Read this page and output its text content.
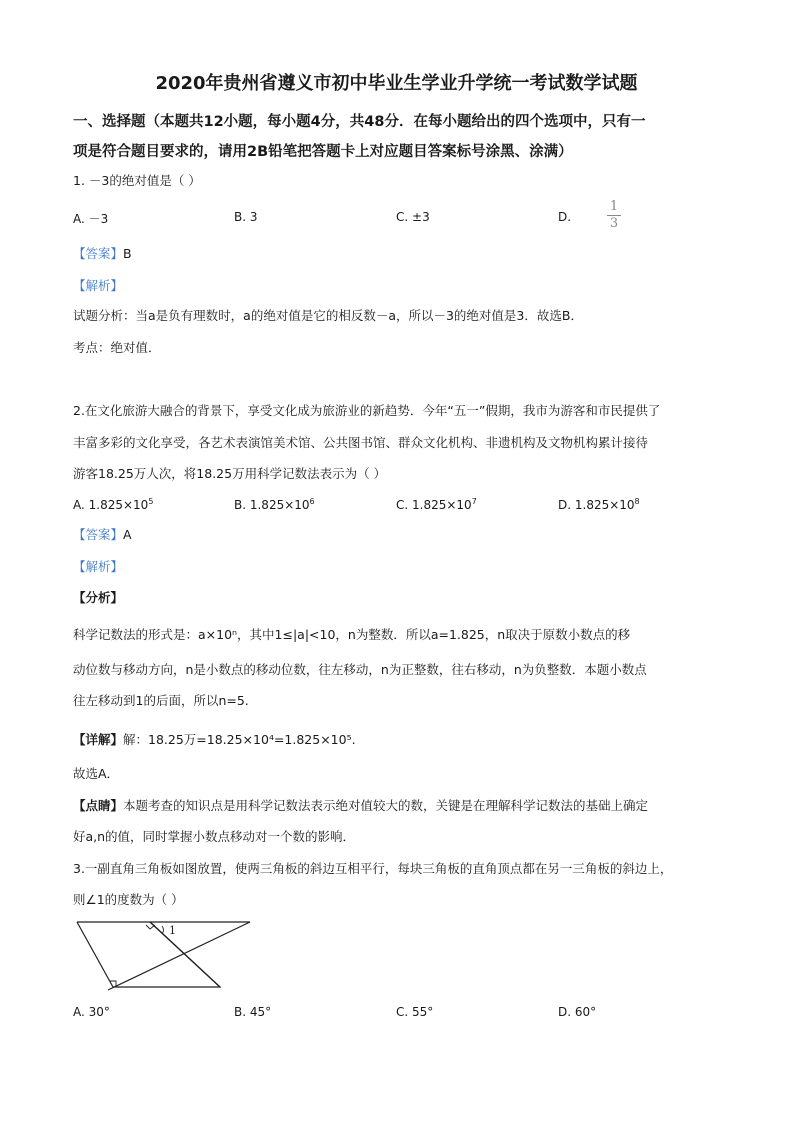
2020年贵州省遵义市初中毕业生学业升学统一考试数学试题
一、选择题（本题共12小题，每小题4分，共48分．在每小题给出的四个选项中，只有一
项是符合题目要求的，请用2B铅笔把答题卡上对应题目答案标号涂黑、涂满）
1. －3的绝对值是（ ）
A. －3	B. 3	C. ±3	D.
1
3
【答案】B
【解析】
试题分析：当a是负有理数时，a的绝对值是它的相反数－a，所以－3的绝对值是3．故选B．
考点：绝对值．
2.在文化旅游大融合的背景下，享受文化成为旅游业的新趋势．今年“五一”假期，我市为游客和市民提供了
丰富多彩的文化享受，各艺术表演馆美术馆、公共图书馆、群众文化机构、非遗机构及文物机构累计接待
游客18.25万人次，将18.25万用科学记数法表示为（ ）
A. $1.825\times 10^5$	B. $1.825\times 10^6$	C. $1.825\times 10^7$	D. $1.825\times 10^8$
【答案】A
【解析】
【分析】
科学记数法的形式是：a×10ⁿ，其中1≤|a|<10，n为整数．所以a=1.825，n取决于原数小数点的移
动位数与移动方向，n是小数点的移动位数，往左移动，n为正整数，往右移动，n为负整数．本题小数点
往左移动到1的后面，所以n=5.
【详解】解：18.25万=18.25×10⁴=1.825×10⁵.
故选A．
【点睛】本题考查的知识点是用科学记数法表示绝对值较大的数，关键是在理解科学记数法的基础上确定
好a,n的值，同时掌握小数点移动对一个数的影响．
3.一副直角三角板如图放置，使两三角板的斜边互相平行，每块三角板的直角顶点都在另一三角板的斜边上，
则∠1的度数为（ ）
1
A. 30°	B. 45°	C. 55°	D. 60°
